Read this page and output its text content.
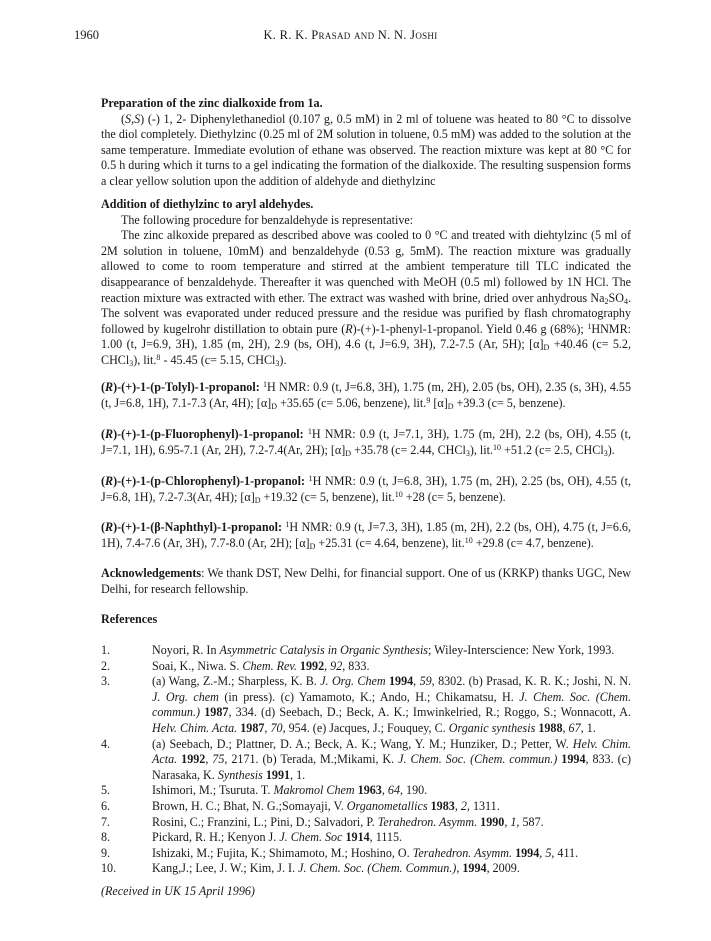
1960	K. R. K. Prasad and N. N. Joshi

Preparation of the zinc dialkoxide from 1a.

(S,S) (-) 1, 2- Diphenylethanediol (0.107 g, 0.5 mM) in 2 ml of toluene was heated to 80 °C to dissolve the diol completely. Diethylzinc (0.25 ml of 2M solution in toluene, 0.5 mM) was added to the solution at the same temperature. Immediate evolution of ethane was observed. The reaction mixture was kept at 80 °C for 0.5 h during which it turns to a gel indicating the formation of the dialkoxide. The resulting suspension forms a clear yellow solution upon the addition of aldehyde and diethylzinc

Addition of diethylzinc to aryl aldehydes.

The following procedure for benzaldehyde is representative:

The zinc alkoxide prepared as described above was cooled to 0 °C and treated with diehtylzinc (5 ml of 2M solution in toluene, 10mM) and benzaldehyde (0.53 g, 5mM). The reaction mixture was gradually allowed to come to room temperature and stirred at the ambient temperature till TLC indicated the disappearance of benzaldehyde. Thereafter it was quenched with MeOH (0.5 ml) followed by 1N HCl. The reaction mixture was extracted with ether. The extract was washed with brine, dried over anhydrous $Na_2SO_4$. The solvent was evaporated under reduced pressure and the residue was purified by flash chromatography followed by kugelrohr distillation to obtain pure (R)-(+)-1-phenyl-1-propanol. Yield 0.46 g (68%); $^1$HNMR: 1.00 (t, J=6.9, 3H), 1.85 (m, 2H), 2.9 (bs, OH), 4.6 (t, J=6.9, 3H), 7.2-7.5 (Ar, 5H); $[\alpha]_D +40.46$ (c= 5.2, CHCl$_3$), lit.$^8$ - 45.45 (c= 5.15, CHCl$_3$).

(R)-(+)-1-(p-Tolyl)-1-propanol: $^1$H NMR: 0.9 (t, J=6.8, 3H), 1.75 (m, 2H), 2.05 (bs, OH), 2.35 (s, 3H), 4.55 (t, J=6.8, 1H), 7.1-7.3 (Ar, 4H); $[\alpha]_D +35.65$ (c= 5.06, benzene), lit.$^9$ $[\alpha]_D +39.3$ (c= 5, benzene).
(R)-(+)-1-(p-Fluorophenyl)-1-propanol: $^1$H NMR: 0.9 (t, J=7.1, 3H), 1.75 (m, 2H), 2.2 (bs, OH), 4.55 (t, J=7.1, 1H), 6.95-7.1 (Ar, 2H), 7.2-7.4(Ar, 2H); $[\alpha]_D +35.78$ (c= 2.44, CHCl$_3$), lit.$^{10}$ +51.2 (c= 2.5, CHCl$_3$).
(R)-(+)-1-(p-Chlorophenyl)-1-propanol: $^1$H NMR: 0.9 (t, J=6.8, 3H), 1.75 (m, 2H), 2.25 (bs, OH), 4.55 (t, J=6.8, 1H), 7.2-7.3(Ar, 4H); $[\alpha]_D +19.32$ (c= 5, benzene), lit.$^{10}$ +28 (c= 5, benzene).
(R)-(+)-1-(β-Naphthyl)-1-propanol: $^1$H NMR: 0.9 (t, J=7.3, 3H), 1.85 (m, 2H), 2.2 (bs, OH), 4.75 (t, J=6.6, 1H), 7.4-7.6 (Ar, 3H), 7.7-8.0 (Ar, 2H); $[\alpha]_D +25.31$ (c= 4.64, benzene), lit.$^{10}$ +29.8 (c= 4.7, benzene).
Acknowledgements: We thank DST, New Delhi, for financial support. One of us (KRKP) thanks UGC, New Delhi, for research fellowship.

References

1.	Noyori, R. In Asymmetric Catalysis in Organic Synthesis; Wiley-Interscience: New York, 1993.
2.	Soai, K., Niwa. S. Chem. Rev. 1992, 92, 833.
3.	(a) Wang, Z.-M.; Sharpless, K. B. J. Org. Chem 1994, 59, 8302. (b) Prasad, K. R. K.; Joshi, N. N. J. Org. chem (in press). (c) Yamamoto, K.; Ando, H.; Chikamatsu, H. J. Chem. Soc. (Chem. commun.) 1987, 334. (d) Seebach, D.; Beck, A. K.; Imwinkelried, R.; Roggo, S.; Wonnacott, A. Helv. Chim. Acta. 1987, 70, 954. (e) Jacques, J.; Fouquey, C. Organic synthesis 1988, 67, 1.
4.	(a) Seebach, D.; Plattner, D. A.; Beck, A. K.; Wang, Y. M.; Hunziker, D.; Petter, W. Helv. Chim. Acta. 1992, 75, 2171. (b) Terada, M.;Mikami, K. J. Chem. Soc. (Chem. commun.) 1994, 833. (c) Narasaka, K. Synthesis 1991, 1.
5.	Ishimori, M.; Tsuruta. T. Makromol Chem 1963, 64, 190.
6.	Brown, H. C.; Bhat, N. G.;Somayaji, V. Organometallics 1983, 2, 1311.
7.	Rosini, C.; Franzini, L.; Pini, D.; Salvadori, P. Terahedron. Asymm. 1990, 1, 587.
8.	Pickard, R. H.; Kenyon J. J. Chem. Soc 1914, 1115.
9.	Ishizaki, M.; Fujita, K.; Shimamoto, M.; Hoshino, O. Terahedron. Asymm. 1994, 5, 411.
10.	Kang,J.; Lee, J. W.; Kim, J. I. J. Chem. Soc. (Chem. Commun.), 1994, 2009.
(Received in UK 15 April 1996)
